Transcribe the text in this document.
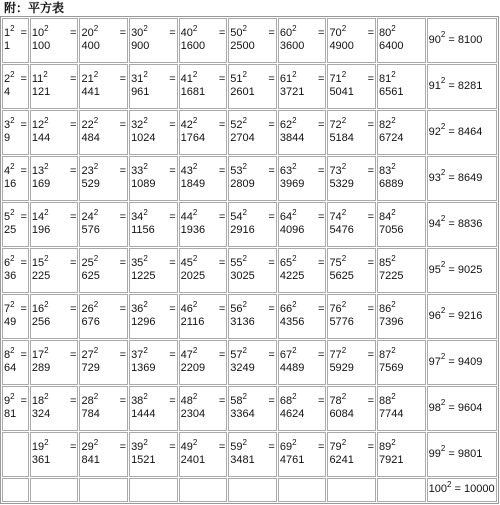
附：平方表
$1^2$ =
1	$10^2$ =
100	$20^2$ =
400	$30^2$ =
900	$40^2$ =
1600	$50^2$ =
2500	$60^2$ =
3600	$70^2$ =
4900	$80^2$
6400	$90^2 = 8100$

$2^2$ =
4	$11^2$ =
121	$21^2$ =
441	$31^2$ =
961	$41^2$ =
1681	$51^2$ =
2601	$61^2$ =
3721	$71^2$ =
5041	$81^2$
6561	$91^2 = 8281$

$3^2$ =
9	$12^2$ =
144	$22^2$ =
484	$32^2$ =
1024	$42^2$ =
1764	$52^2$ =
2704	$62^2$ =
3844	$72^2$ =
5184	$82^2$
6724	$92^2 = 8464$

$4^2$ =
16	$13^2$ =
169	$23^2$ =
529	$33^2$ =
1089	$43^2$ =
1849	$53^2$ =
2809	$63^2$ =
3969	$73^2$ =
5329	$83^2$
6889	$93^2 = 8649$

$5^2$ =
25	$14^2$ =
196	$24^2$ =
576	$34^2$ =
1156	$44^2$ =
1936	$54^2$ =
2916	$64^2$ =
4096	$74^2$ =
5476	$84^2$
7056	$94^2 = 8836$

$6^2$ =
36	$15^2$ =
225	$25^2$ =
625	$35^2$ =
1225	$45^2$ =
2025	$55^2$ =
3025	$65^2$ =
4225	$75^2$ =
5625	$85^2$
7225	$95^2 = 9025$

$7^2$ =
49	$16^2$ =
256	$26^2$ =
676	$36^2$ =
1296	$46^2$ =
2116	$56^2$ =
3136	$66^2$ =
4356	$76^2$ =
5776	$86^2$
7396	$96^2 = 9216$

$8^2$ =
64	$17^2$ =
289	$27^2$ =
729	$37^2$ =
1369	$47^2$ =
2209	$57^2$ =
3249	$67^2$ =
4489	$77^2$ =
5929	$87^2$
7569	$97^2 = 9409$

$9^2$ =
81	$18^2$ =
324	$28^2$ =
784	$38^2$ =
1444	$48^2$ =
2304	$58^2$ =
3364	$68^2$ =
4624	$78^2$ =
6084	$88^2$
7744	$98^2 = 9604$

	$19^2$ =
361	$29^2$ =
841	$39^2$ =
1521	$49^2$ =
2401	$59^2$ =
3481	$69^2$ =
4761	$79^2$ =
6241	$89^2$
7921	$99^2 = 9801$
									$100^2 = 10000$
